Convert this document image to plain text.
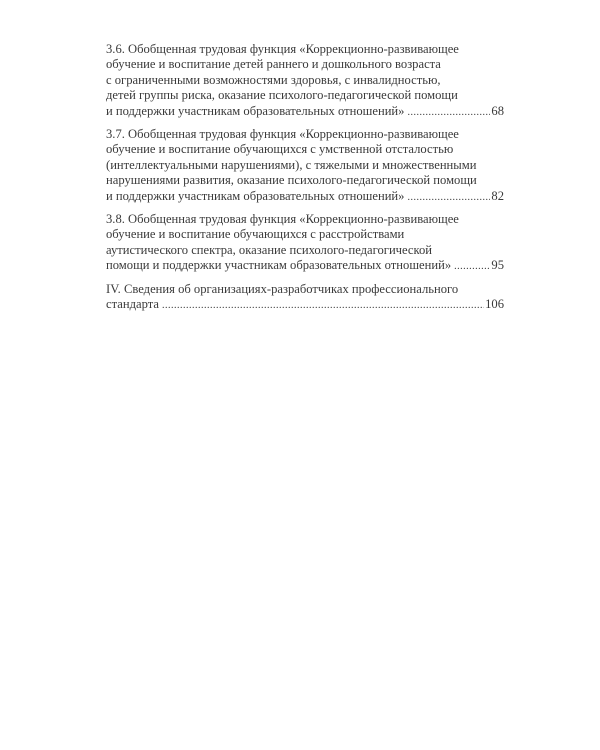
3.6. Обобщенная трудовая функция «Коррекционно-развивающее
обучение и воспитание детей раннего и дошкольного возраста
с ограниченными возможностями здоровья, с инвалидностью,
детей группы риска, оказание психолого-педагогической помощи
и поддержки участникам образовательных отношений» .....	68
3.7. Обобщенная трудовая функция «Коррекционно-развивающее
обучение и воспитание обучающихся с умственной отсталостью
(интеллектуальными нарушениями), с тяжелыми и множественными
нарушениями развития, оказание психолого-педагогической помощи
и поддержки участникам образовательных отношений» .....	82
3.8. Обобщенная трудовая функция «Коррекционно-развивающее
обучение и воспитание обучающихся с расстройствами
аутистического спектра, оказание психолого-педагогической
помощи и поддержки участникам образовательных отношений» .....	95
IV. Сведения об организациях-разработчиках профессионального
стандарта .....	106
